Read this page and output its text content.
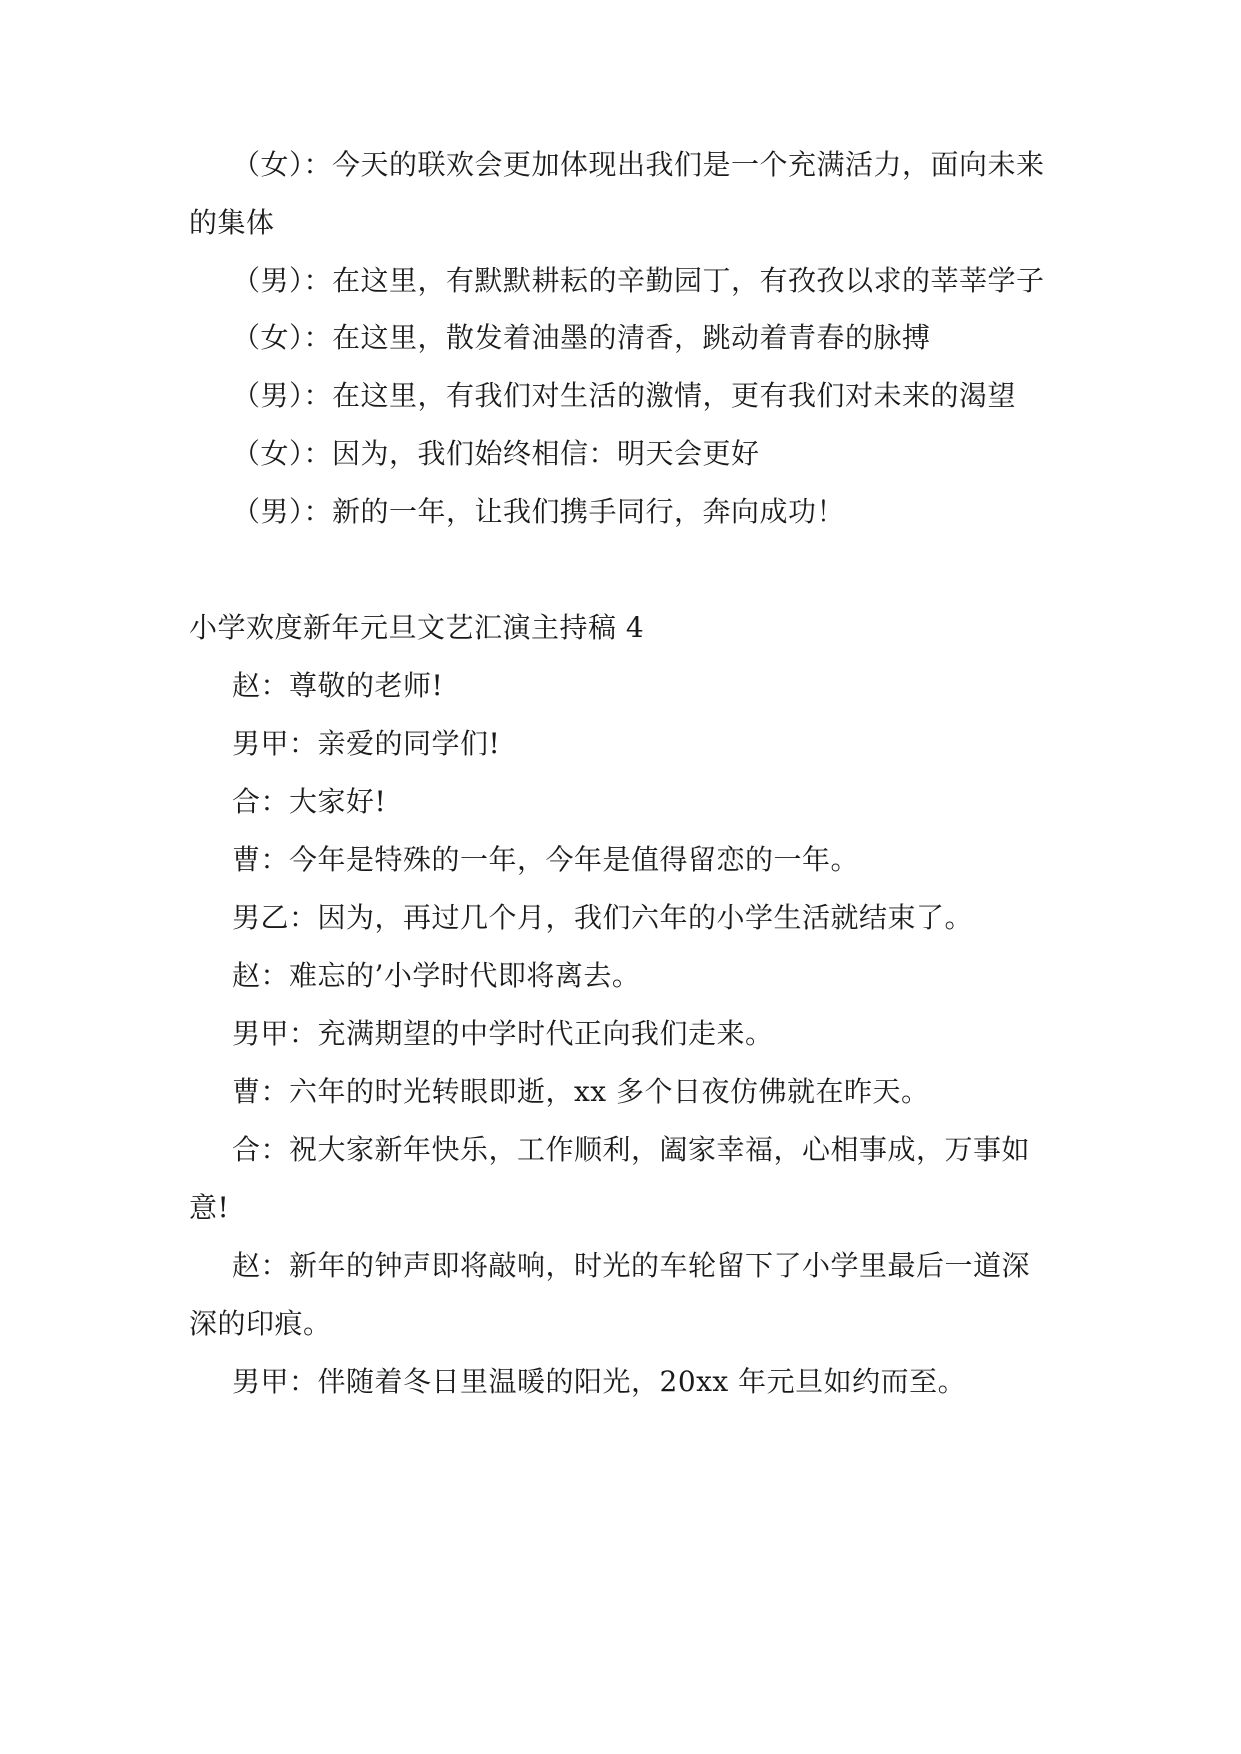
（女）：今天的联欢会更加体现出我们是一个充满活力，面向未来
的集体
（男）：在这里，有默默耕耘的辛勤园丁，有孜孜以求的莘莘学子
（女）：在这里，散发着油墨的清香，跳动着青春的脉搏
（男）：在这里，有我们对生活的激情，更有我们对未来的渴望
（女）：因为，我们始终相信：明天会更好
（男）：新的一年，让我们携手同行，奔向成功！
小学欢度新年元旦文艺汇演主持稿 4
赵：尊敬的老师!
男甲：亲爱的同学们!
合：大家好!
曹：今年是特殊的一年，今年是值得留恋的一年。
男乙：因为，再过几个月，我们六年的小学生活就结束了。
赵：难忘的’小学时代即将离去。
男甲：充满期望的中学时代正向我们走来。
曹：六年的时光转眼即逝，xx 多个日夜仿佛就在昨天。
合：祝大家新年快乐，工作顺利，阖家幸福，心相事成，万事如
意!
赵：新年的钟声即将敲响，时光的车轮留下了小学里最后一道深
深的印痕。
男甲：伴随着冬日里温暖的阳光，20xx 年元旦如约而至。
